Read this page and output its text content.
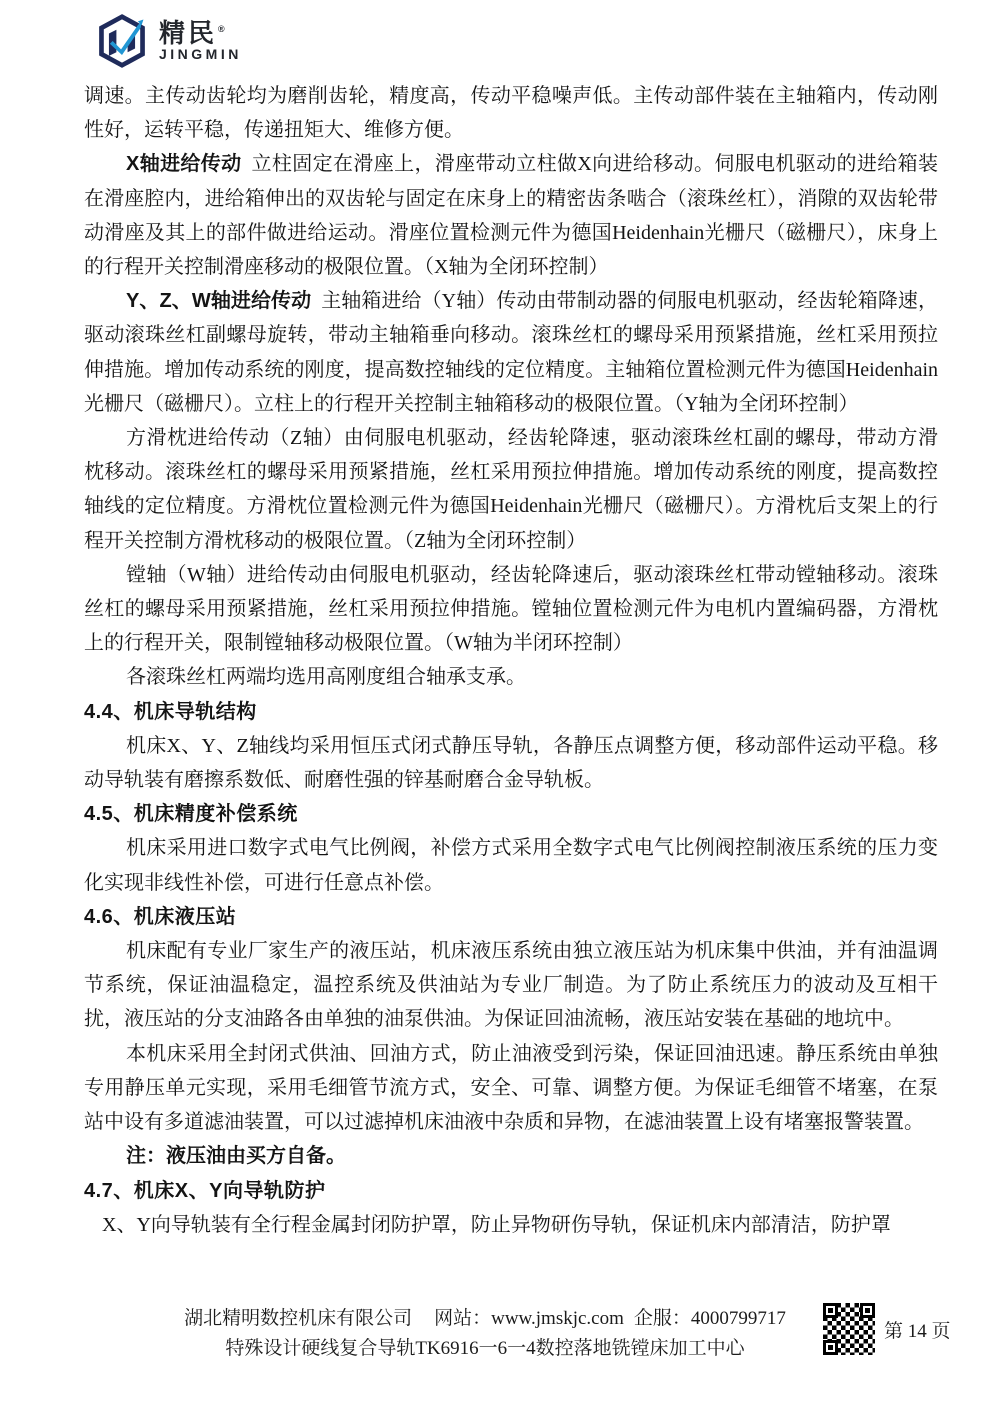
精民®
JINGMIN

调速。主传动齿轮均为磨削齿轮，精度高，传动平稳噪声低。主传动部件装在主轴箱内，传动刚性好，运转平稳，传递扭矩大、维修方便。

X轴进给传动 立柱固定在滑座上，滑座带动立柱做X向进给移动。伺服电机驱动的进给箱装在滑座腔内，进给箱伸出的双齿轮与固定在床身上的精密齿条啮合（滚珠丝杠），消隙的双齿轮带动滑座及其上的部件做进给运动。滑座位置检测元件为德国Heidenhain光栅尺（磁栅尺），床身上的行程开关控制滑座移动的极限位置。（X轴为全闭环控制）

Y、Z、W轴进给传动 主轴箱进给（Y轴）传动由带制动器的伺服电机驱动，经齿轮箱降速，驱动滚珠丝杠副螺母旋转，带动主轴箱垂向移动。滚珠丝杠的螺母采用预紧措施，丝杠采用预拉伸措施。增加传动系统的刚度，提高数控轴线的定位精度。主轴箱位置检测元件为德国Heidenhain光栅尺（磁栅尺）。立柱上的行程开关控制主轴箱移动的极限位置。（Y轴为全闭环控制）

方滑枕进给传动（Z轴）由伺服电机驱动，经齿轮降速，驱动滚珠丝杠副的螺母，带动方滑枕移动。滚珠丝杠的螺母采用预紧措施，丝杠采用预拉伸措施。增加传动系统的刚度，提高数控轴线的定位精度。方滑枕位置检测元件为德国Heidenhain光栅尺（磁栅尺）。方滑枕后支架上的行程开关控制方滑枕移动的极限位置。（Z轴为全闭环控制）

镗轴（W轴）进给传动由伺服电机驱动，经齿轮降速后，驱动滚珠丝杠带动镗轴移动。滚珠丝杠的螺母采用预紧措施，丝杠采用预拉伸措施。镗轴位置检测元件为电机内置编码器，方滑枕上的行程开关，限制镗轴移动极限位置。（W轴为半闭环控制）

各滚珠丝杠两端均选用高刚度组合轴承支承。

4.4、机床导轨结构

机床X、Y、Z轴线均采用恒压式闭式静压导轨，各静压点调整方便，移动部件运动平稳。移动导轨装有磨擦系数低、耐磨性强的锌基耐磨合金导轨板。

4.5、机床精度补偿系统

机床采用进口数字式电气比例阀，补偿方式采用全数字式电气比例阀控制液压系统的压力变化实现非线性补偿，可进行任意点补偿。

4.6、机床液压站

机床配有专业厂家生产的液压站，机床液压系统由独立液压站为机床集中供油，并有油温调节系统，保证油温稳定，温控系统及供油站为专业厂制造。为了防止系统压力的波动及互相干扰，液压站的分支油路各由单独的油泵供油。为保证回油流畅，液压站安装在基础的地坑中。

本机床采用全封闭式供油、回油方式，防止油液受到污染，保证回油迅速。静压系统由单独专用静压单元实现，采用毛细管节流方式，安全、可靠、调整方便。为保证毛细管不堵塞，在泵站中设有多道滤油装置，可以过滤掉机床油液中杂质和异物，在滤油装置上设有堵塞报警装置。

注：液压油由买方自备。

4.7、机床X、Y向导轨防护

X、Y向导轨装有全行程金属封闭防护罩，防止异物研伤导轨，保证机床内部清洁，防护罩

湖北精明数控机床有限公司 网站：www.jmskjc.com 企服：4000799717
特殊设计硬线复合导轨TK6916一6一4数控落地铣镗床加工中心
第 14 页
